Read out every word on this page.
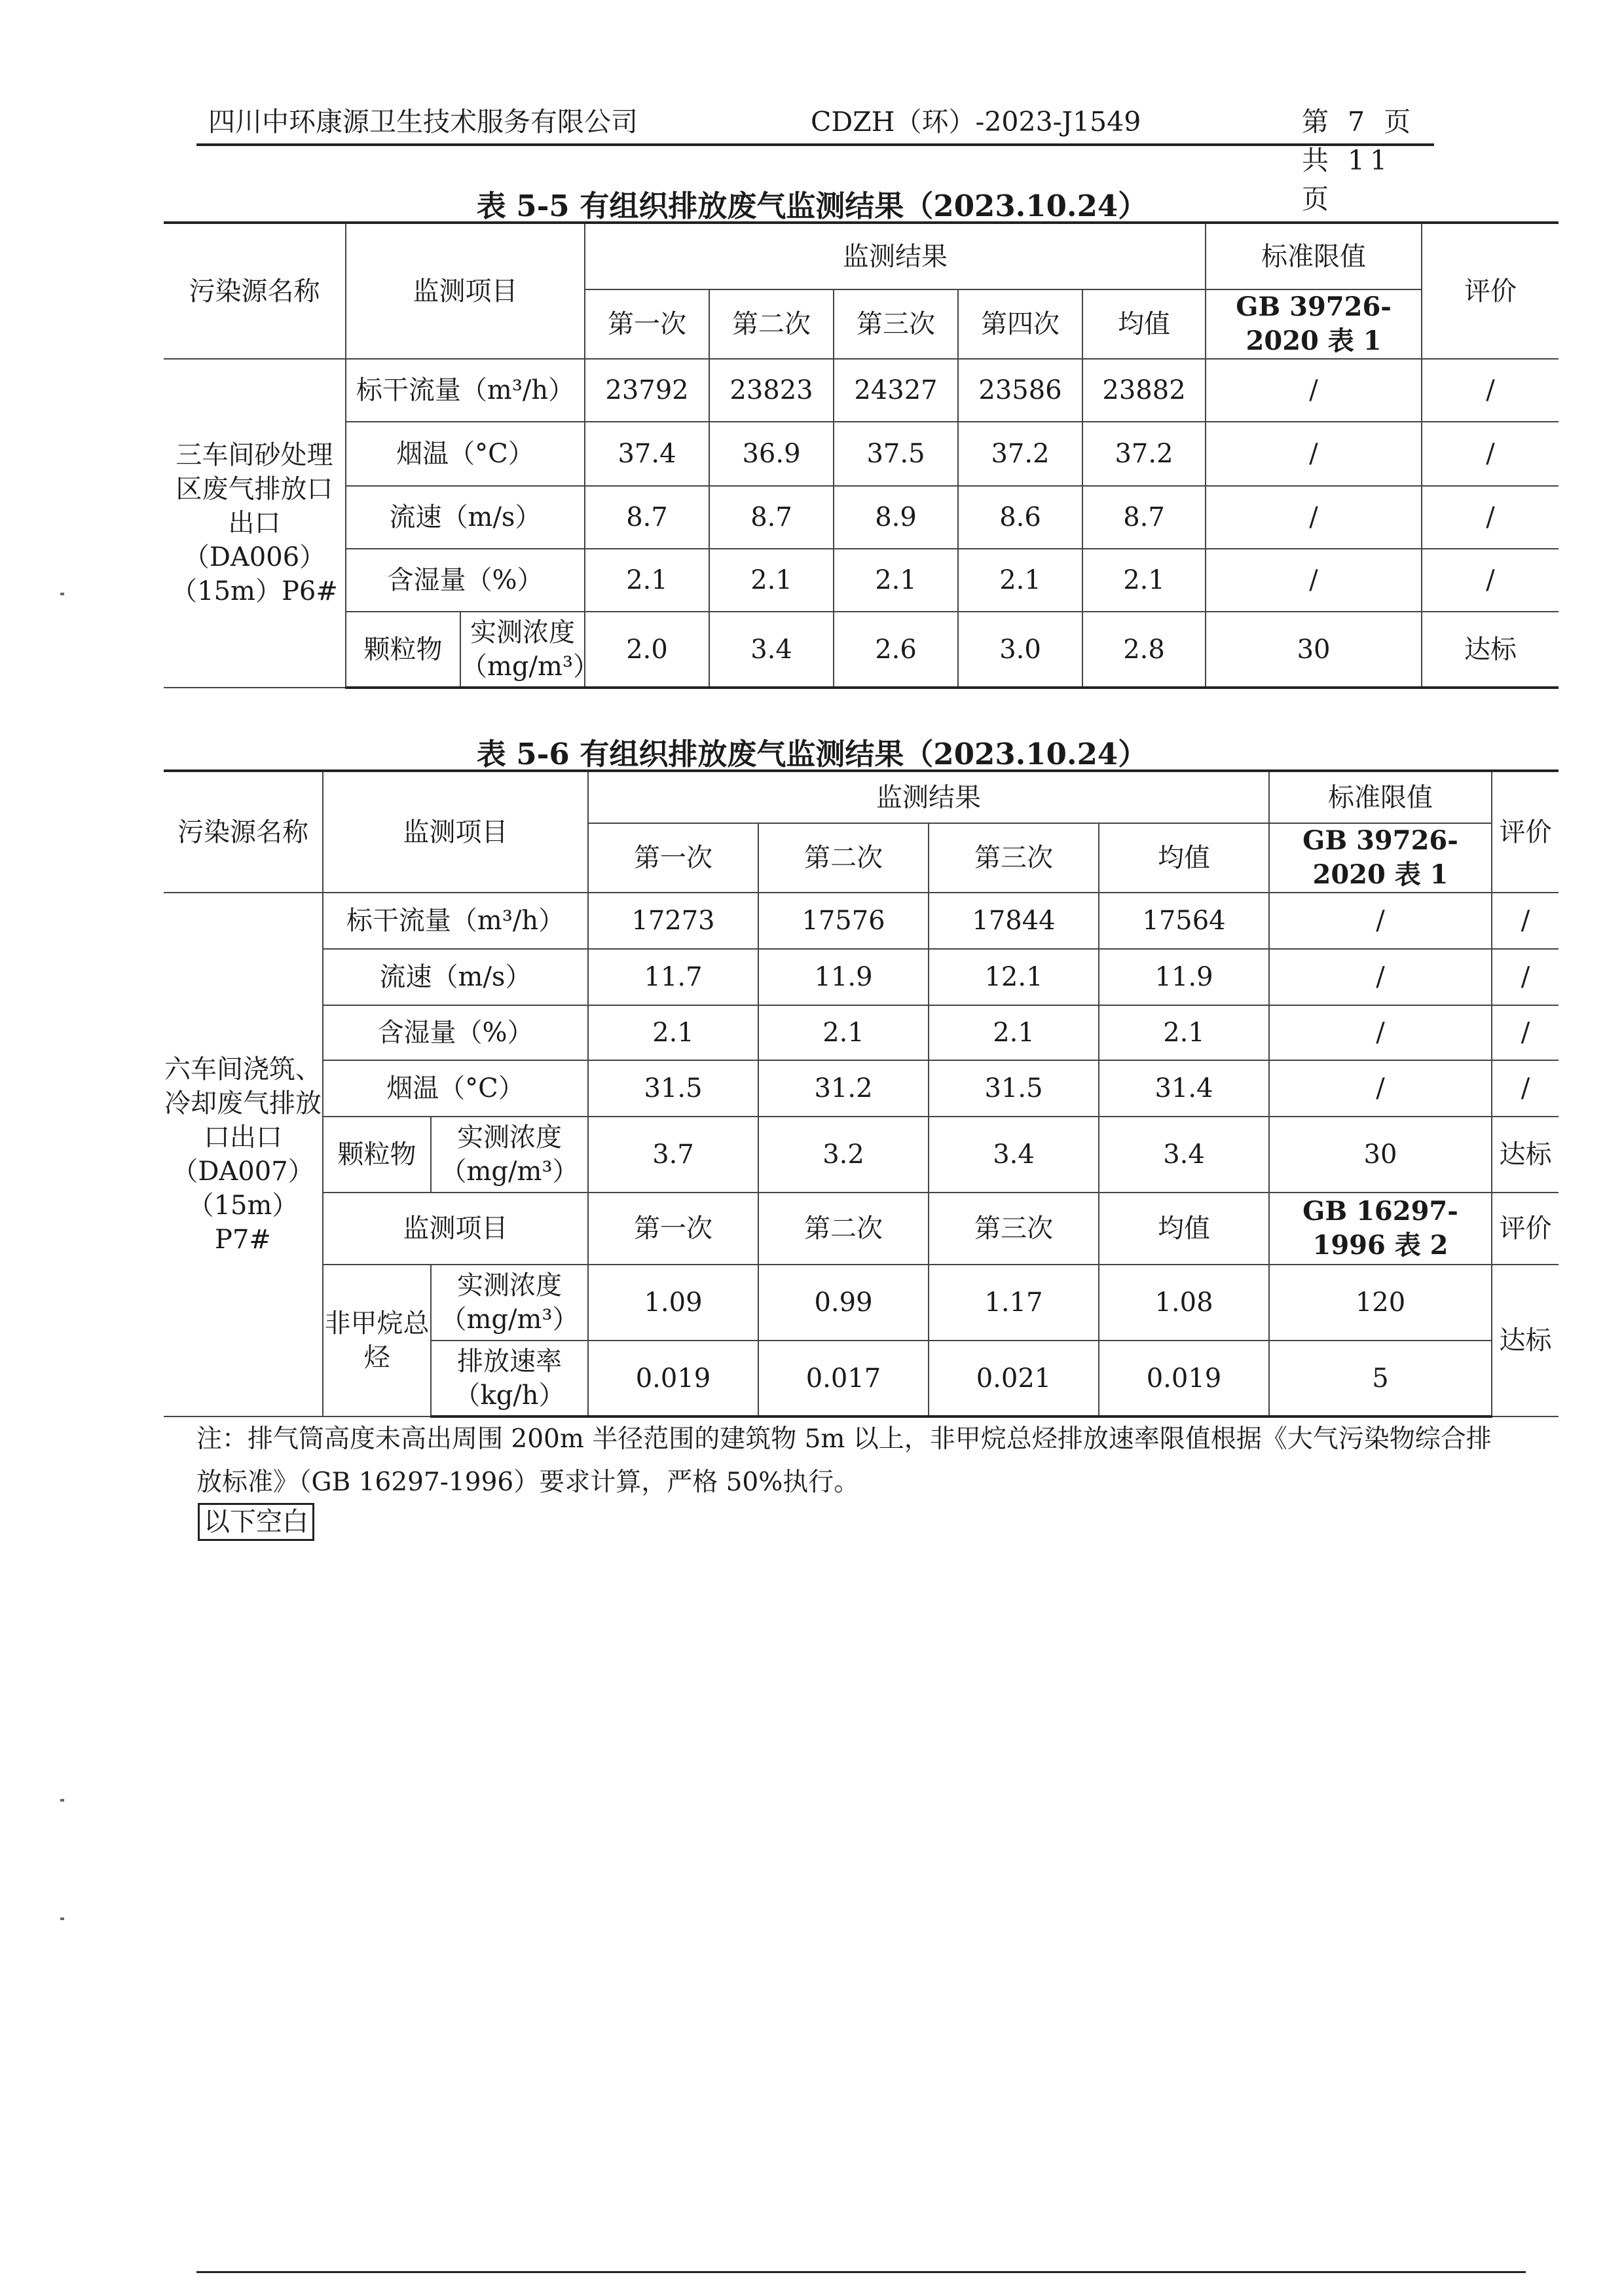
四川中环康源卫生技术服务有限公司	CDZH（环）-2023-J1549	第 7 页 共 11 页
表 5-5 有组织排放废气监测结果（2023.10.24）
污染源名称	监测项目		监测结果					标准限值	评价
			第一次	第二次	第三次	第四次	均值	GB 39726-2020 表 1	
三车间砂处理区废气排放口出口（DA006）（15m）P6#	标干流量（m³/h）		23792	23823	24327	23586	23882	/	/
	烟温（°C）		37.4	36.9	37.5	37.2	37.2	/	/
	流速（m/s）		8.7	8.7	8.9	8.6	8.7	/	/
	含湿量（%）		2.1	2.1	2.1	2.1	2.1	/	/
	颗粒物	实测浓度（mg/m³）	2.0	3.4	2.6	3.0	2.8	30	达标
表 5-6 有组织排放废气监测结果（2023.10.24）
污染源名称	监测项目		监测结果				标准限值	评价
			第一次	第二次	第三次	均值	GB 39726-2020 表 1	
六车间浇筑、冷却废气排放口出口（DA007）（15m）P7#	标干流量（m³/h）		17273	17576	17844	17564	/	/
	流速（m/s）		11.7	11.9	12.1	11.9	/	/
	含湿量（%）		2.1	2.1	2.1	2.1	/	/
	烟温（°C）		31.5	31.2	31.5	31.4	/	/
	颗粒物	实测浓度（mg/m³）	3.7	3.2	3.4	3.4	30	达标
	监测项目		第一次	第二次	第三次	均值	GB 16297-1996 表 2	评价
	非甲烷总烃	实测浓度（mg/m³）	1.09	0.99	1.17	1.08	120	达标
		排放速率（kg/h）	0.019	0.017	0.021	0.019	5	
注：排气筒高度未高出周围 200m 半径范围的建筑物 5m 以上，非甲烷总烃排放速率限值根据《大气污染物综合排放标准》（GB 16297-1996）要求计算，严格 50%执行。
以下空白
